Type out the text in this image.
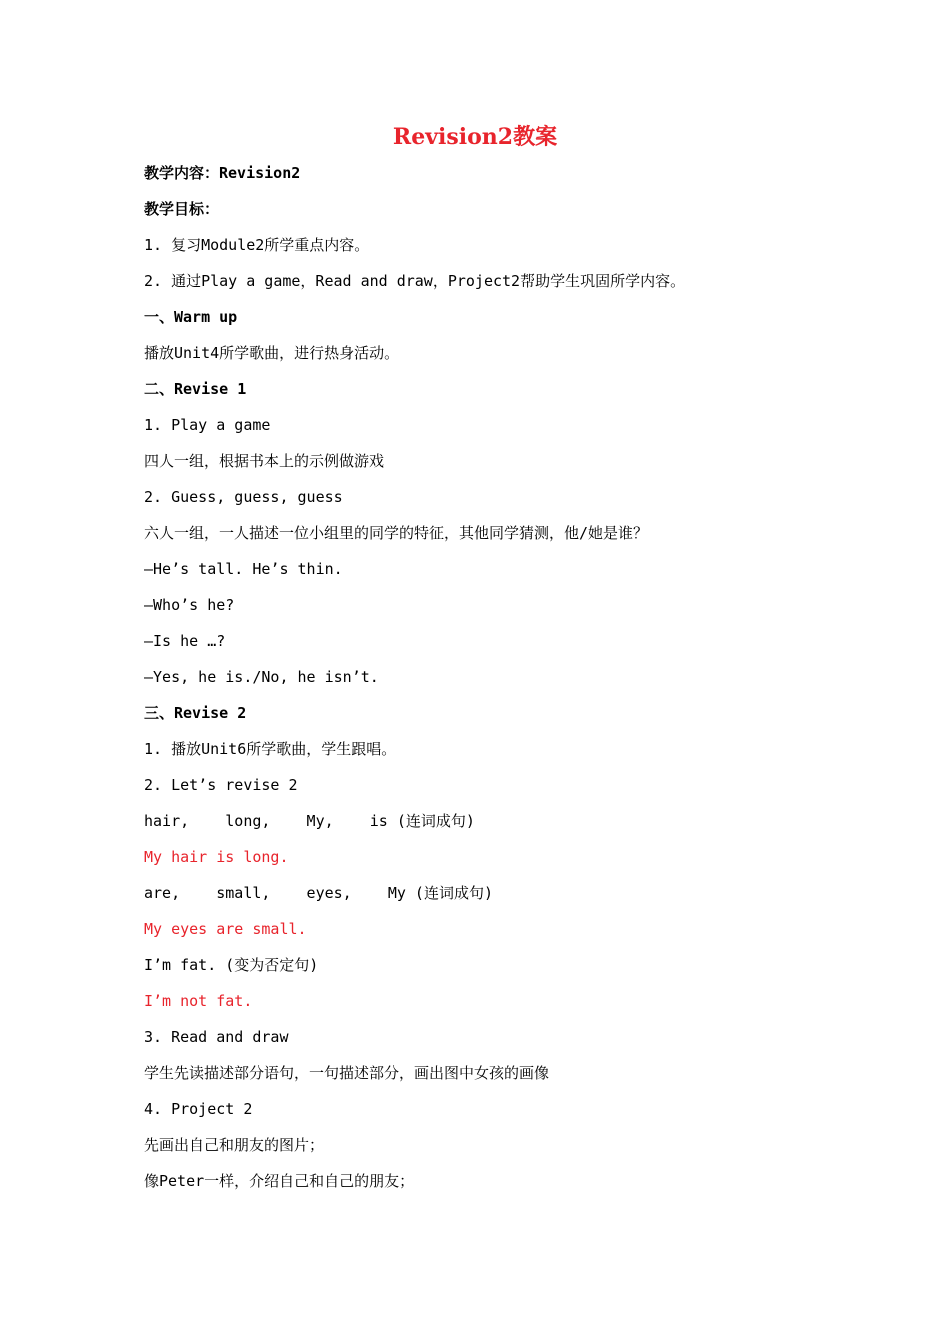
Revision2教案
教学内容：Revision2
教学目标：
1. 复习Module2所学重点内容。
2. 通过Play a game，Read and draw，Project2帮助学生巩固所学内容。
一、Warm up
播放Unit4所学歌曲，进行热身活动。
二、Revise 1
1. Play a game
四人一组，根据书本上的示例做游戏
2. Guess, guess, guess
六人一组，一人描述一位小组里的同学的特征，其他同学猜测，他/她是谁？
—He’s tall. He’s thin.
—Who’s he?
—Is he …?
—Yes, he is./No, he isn’t.
三、Revise 2
1. 播放Unit6所学歌曲，学生跟唱。
2. Let’s revise 2
hair,    long,    My,    is (连词成句)
My hair is long.
are,    small,    eyes,    My (连词成句)
My eyes are small.
I’m fat. (变为否定句)
I’m not fat.
3. Read and draw
学生先读描述部分语句，一句描述部分，画出图中女孩的画像
4. Project 2
先画出自己和朋友的图片；
像Peter一样，介绍自己和自己的朋友；
